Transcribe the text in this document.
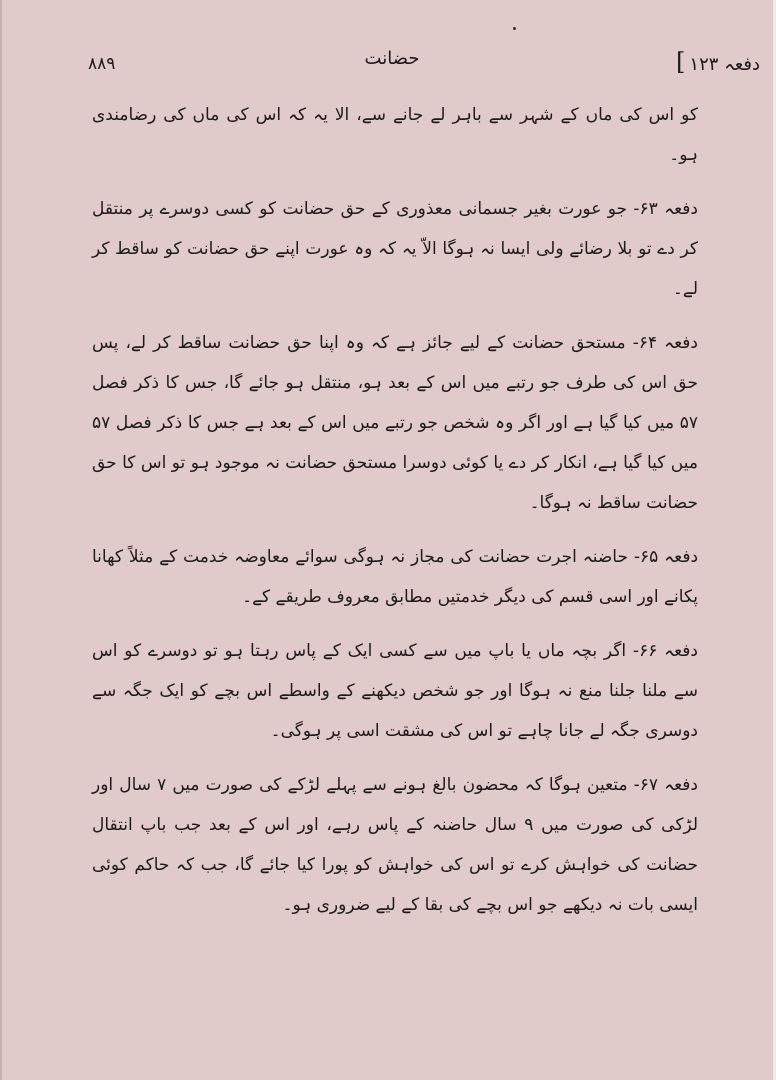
۸۸۹	حضانت	دفعہ ۱۲۳]

کو اس کی ماں کے شہر سے باہر لے جانے سے، الا یہ کہ اس کی ماں کی رضامندی ہو۔

دفعہ ۶۳- جو عورت بغیر جسمانی معذوری کے حق حضانت کو کسی دوسرے پر منتقل کر دے تو بلا رضائے ولی ایسا نہ ہوگا الاّ یہ کہ وہ عورت اپنے حق حضانت کو ساقط کر لے۔

دفعہ ۶۴- مستحق حضانت کے لیے جائز ہے کہ وہ اپنا حق حضانت ساقط کر لے، پس حق اس کی طرف جو رتبے میں اس کے بعد ہو، منتقل ہو جائے گا، جس کا ذکر فصل ۵۷ میں کیا گیا ہے اور اگر وہ شخص جو رتبے میں اس کے بعد ہے جس کا ذکر فصل ۵۷ میں کیا گیا ہے، انکار کر دے یا کوئی دوسرا مستحق حضانت نہ موجود ہو تو اس کا حق حضانت ساقط نہ ہوگا۔

دفعہ ۶۵- حاضنہ اجرت حضانت کی مجاز نہ ہوگی سوائے معاوضہ خدمت کے مثلاً کھانا پکانے اور اسی قسم کی دیگر خدمتیں مطابق معروف طریقے کے۔

دفعہ ۶۶- اگر بچہ ماں یا باپ میں سے کسی ایک کے پاس رہتا ہو تو دوسرے کو اس سے ملنا جلنا منع نہ ہوگا اور جو شخص دیکھنے کے واسطے اس بچے کو ایک جگہ سے دوسری جگہ لے جانا چاہے تو اس کی مشقت اسی پر ہوگی۔

دفعہ ۶۷- متعین ہوگا کہ محضون بالغ ہونے سے پہلے لڑکے کی صورت میں ۷ سال اور لڑکی کی صورت میں ۹ سال حاضنہ کے پاس رہے، اور اس کے بعد جب باپ انتقال حضانت کی خواہش کرے تو اس کی خواہش کو پورا کیا جائے گا، جب کہ حاکم کوئی ایسی بات نہ دیکھے جو اس بچے کی بقا کے لیے ضروری ہو۔
